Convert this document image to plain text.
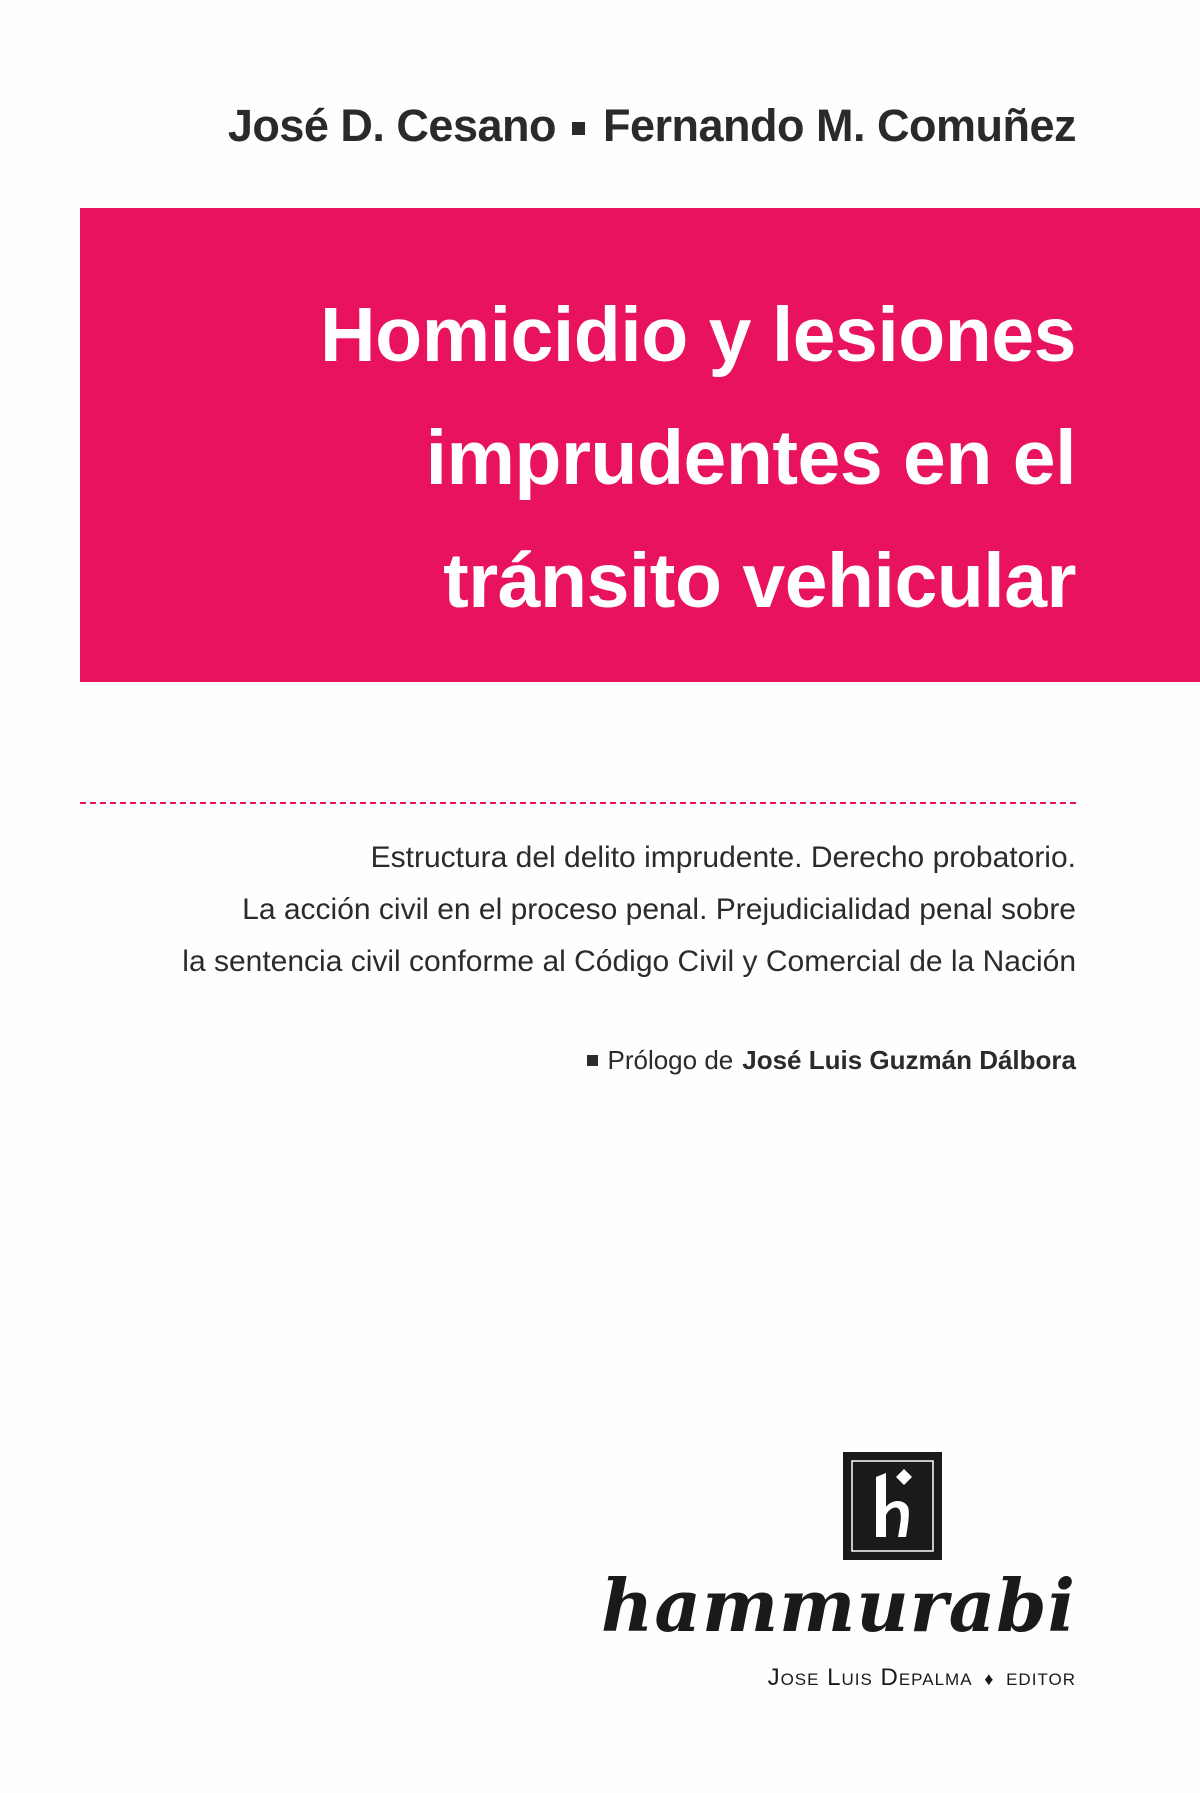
José D. Cesano Fernando M. Comuñez
Homicidio y lesiones
imprudentes en el
tránsito vehicular

Estructura del delito imprudente. Derecho probatorio.
La acción civil en el proceso penal. Prejudicialidad penal sobre
la sentencia civil conforme al Código Civil y Comercial de la Nación

Prólogo de José Luis Guzmán Dálbora
hammurabi
Jose Luis Depalma ♦ editor
